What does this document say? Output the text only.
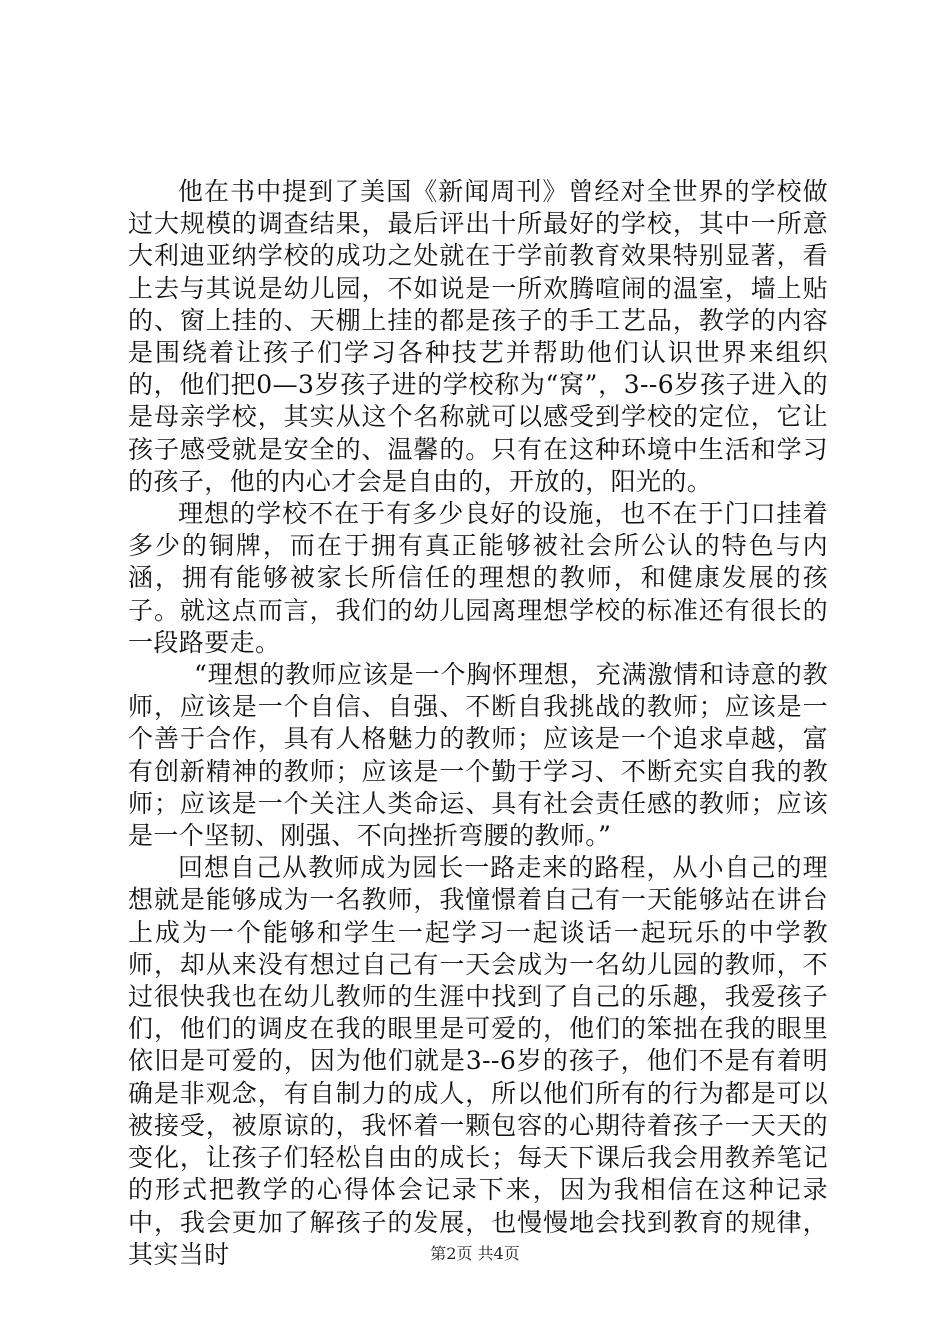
他在书中提到了美国《新闻周刊》曾经对全世界的学校做过大规模的调查结果，最后评出十所最好的学校，其中一所意大利迪亚纳学校的成功之处就在于学前教育效果特别显著，看上去与其说是幼儿园，不如说是一所欢腾喧闹的温室，墙上贴的、窗上挂的、天棚上挂的都是孩子的手工艺品，教学的内容是围绕着让孩子们学习各种技艺并帮助他们认识世界来组织的，他们把0—3岁孩子进的学校称为“窝”，3--6岁孩子进入的是母亲学校，其实从这个名称就可以感受到学校的定位，它让孩子感受就是安全的、温馨的。只有在这种环境中生活和学习的孩子，他的内心才会是自由的，开放的，阳光的。

理想的学校不在于有多少良好的设施，也不在于门口挂着多少的铜牌，而在于拥有真正能够被社会所公认的特色与内涵，拥有能够被家长所信任的理想的教师，和健康发展的孩子。就这点而言，我们的幼儿园离理想学校的标准还有很长的一段路要走。

“理想的教师应该是一个胸怀理想，充满激情和诗意的教师，应该是一个自信、自强、不断自我挑战的教师；应该是一个善于合作，具有人格魅力的教师；应该是一个追求卓越，富有创新精神的教师；应该是一个勤于学习、不断充实自我的教师；应该是一个关注人类命运、具有社会责任感的教师；应该是一个坚韧、刚强、不向挫折弯腰的教师。”

回想自己从教师成为园长一路走来的路程，从小自己的理想就是能够成为一名教师，我憧憬着自己有一天能够站在讲台上成为一个能够和学生一起学习一起谈话一起玩乐的中学教师，却从来没有想过自己有一天会成为一名幼儿园的教师，不过很快我也在幼儿教师的生涯中找到了自己的乐趣，我爱孩子们，他们的调皮在我的眼里是可爱的，他们的笨拙在我的眼里依旧是可爱的，因为他们就是3--6岁的孩子，他们不是有着明确是非观念，有自制力的成人，所以他们所有的行为都是可以被接受，被原谅的，我怀着一颗包容的心期待着孩子一天天的变化，让孩子们轻松自由的成长；每天下课后我会用教养笔记的形式把教学的心得体会记录下来，因为我相信在这种记录中，我会更加了解孩子的发展，也慢慢地会找到教育的规律，其实当时	第2页 共4页
